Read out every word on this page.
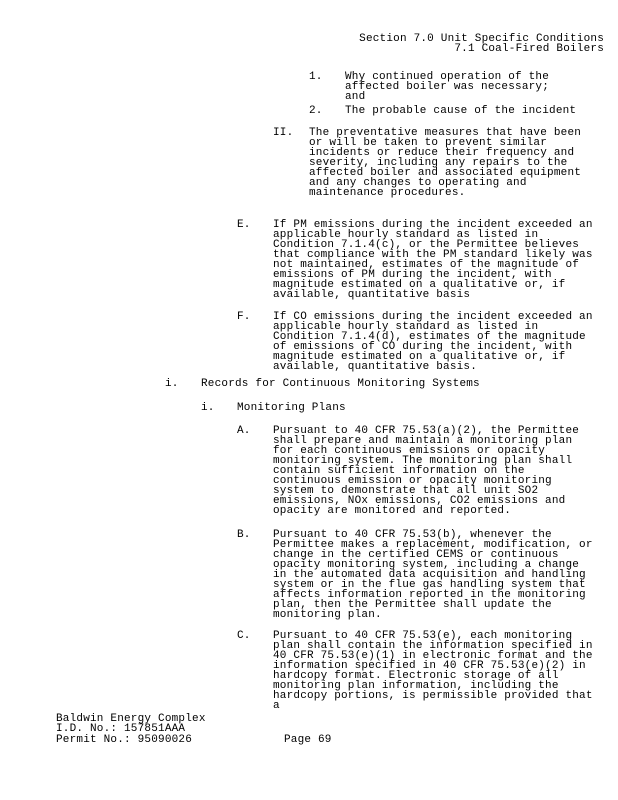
Section 7.0 Unit Specific Conditions
7.1 Coal-Fired Boilers
1. Why continued operation of the affected boiler was necessary; and
2. The probable cause of the incident
II. The preventative measures that have been or will be taken to prevent similar incidents or reduce their frequency and severity, including any repairs to the affected boiler and associated equipment and any changes to operating and maintenance procedures.
E. If PM emissions during the incident exceeded an applicable hourly standard as listed in Condition 7.1.4(c), or the Permittee believes that compliance with the PM standard likely was not maintained, estimates of the magnitude of emissions of PM during the incident, with magnitude estimated on a qualitative or, if available, quantitative basis
F. If CO emissions during the incident exceeded an applicable hourly standard as listed in Condition 7.1.4(d), estimates of the magnitude of emissions of CO during the incident, with magnitude estimated on a qualitative or, if available, quantitative basis.
i. Records for Continuous Monitoring Systems
i. Monitoring Plans
A. Pursuant to 40 CFR 75.53(a)(2), the Permittee shall prepare and maintain a monitoring plan for each continuous emissions or opacity monitoring system. The monitoring plan shall contain sufficient information on the continuous emission or opacity monitoring system to demonstrate that all unit SO2 emissions, NOx emissions, CO2 emissions and opacity are monitored and reported.
B. Pursuant to 40 CFR 75.53(b), whenever the Permittee makes a replacement, modification, or change in the certified CEMS or continuous opacity monitoring system, including a change in the automated data acquisition and handling system or in the flue gas handling system that affects information reported in the monitoring plan, then the Permittee shall update the monitoring plan.
C. Pursuant to 40 CFR 75.53(e), each monitoring plan shall contain the information specified in 40 CFR 75.53(e)(1) in electronic format and the information specified in 40 CFR 75.53(e)(2) in hardcopy format. Electronic storage of all monitoring plan information, including the hardcopy portions, is permissible provided that a
Baldwin Energy Complex
I.D. No.: 157851AAA
Permit No.: 95090026	Page 69
